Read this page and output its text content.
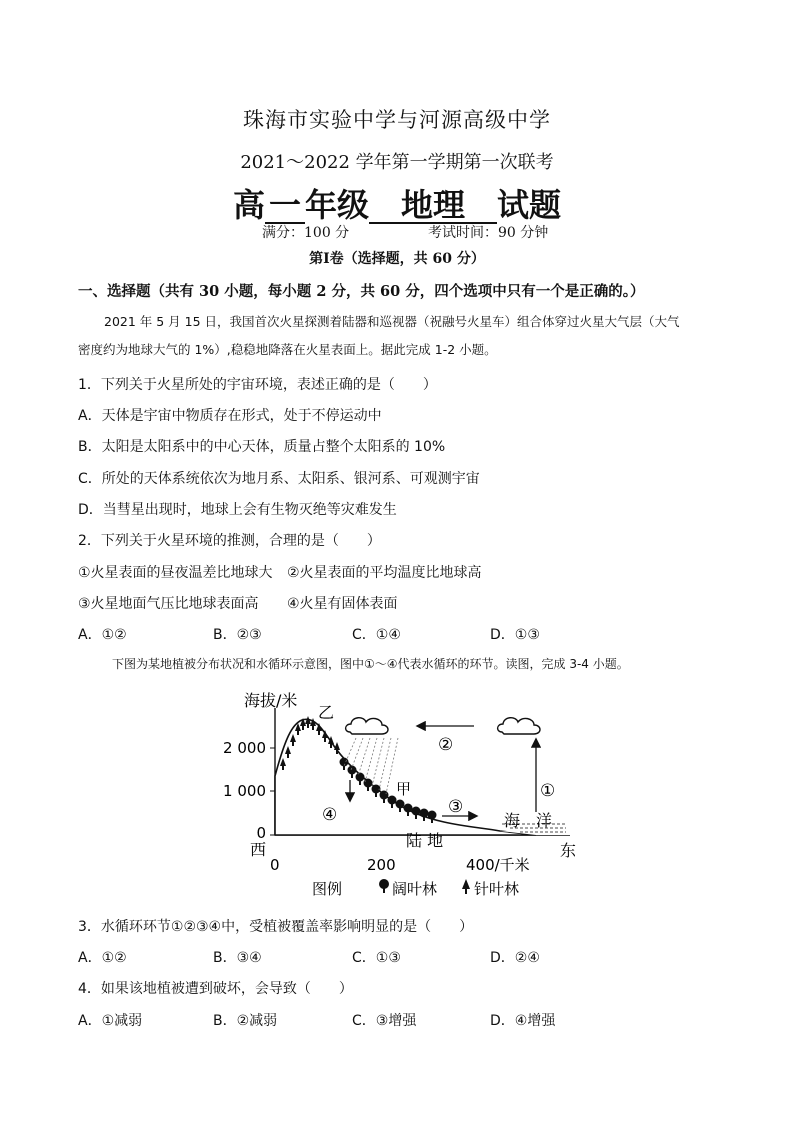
珠海市实验中学与河源高级中学
2021～2022 学年第一学期第一次联考
高 一 年级 地理 试题
满分：100 分	考试时间：90 分钟
第Ⅰ卷（选择题，共 60 分）
一、选择题（共有 30 小题，每小题 2 分，共 60 分，四个选项中只有一个是正确的。）
2021 年 5 月 15 日，我国首次火星探测着陆器和巡视器（祝融号火星车）组合体穿过火星大气层（大气
密度约为地球大气的 1%）,稳稳地降落在火星表面上。据此完成 1-2 小题。
1．下列关于火星所处的宇宙环境，表述正确的是（　　）
A．天体是宇宙中物质存在形式，处于不停运动中
B．太阳是太阳系中的中心天体，质量占整个太阳系的 10%
C．所处的天体系统依次为地月系、太阳系、银河系、可观测宇宙
D．当彗星出现时，地球上会有生物灭绝等灾难发生
2．下列关于火星环境的推测，合理的是（　　）
①火星表面的昼夜温差比地球大 ②火星表面的平均温度比地球高
③火星地面气压比地球表面高 ④火星有固体表面
A．①②	B．②③	C．①④	D．①③
下图为某地植被分布状况和水循环示意图，图中①～④代表水循环的环节。读图，完成 3-4 小题。
海拔/米
2 000
1 000
0
西
0	200	400/千米
东
乙
甲	①
②
③
④
陆 地
海　洋
图例	阔叶林 针叶林
3．水循环环节①②③④中，受植被覆盖率影响明显的是（　　）
A．①②	B．③④	C．①③	D．②④
4．如果该地植被遭到破坏，会导致（　　）
A．①减弱	B．②减弱	C．③增强	D．④增强
